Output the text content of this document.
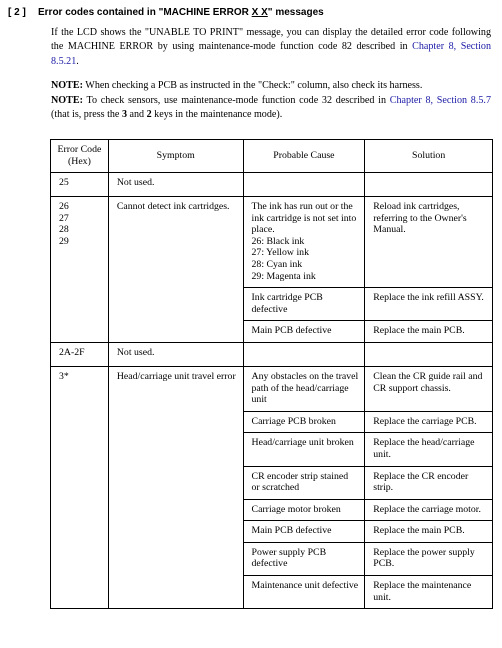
[ 2 ] Error codes contained in "MACHINE ERROR X X" messages

If the LCD shows the "UNABLE TO PRINT" message, you can display the detailed error code following the MACHINE ERROR by using maintenance-mode function code 82 described in Chapter 8, Section 8.5.21.

NOTE: When checking a PCB as instructed in the "Check:" column, also check its harness.

NOTE: To check sensors, use maintenance-mode function code 32 described in Chapter 8, Section 8.5.7 (that is, press the 3 and 2 keys in the maintenance mode).

Error Code (Hex)	Symptom	Probable Cause	Solution
25	Not used.		

26
27
28
29	Cannot detect ink cartridges.	The ink has run out or the ink cartridge is not set into place.
26: Black ink
27: Yellow ink
28: Cyan ink
29: Magenta ink	Reload ink cartridges, referring to the Owner's Manual.
		Ink cartridge PCB defective	Replace the ink refill ASSY.
		Main PCB defective	Replace the main PCB.
2A-2F	Not used.		
3*	Head/carriage unit travel error	Any obstacles on the travel path of the head/carriage unit	Clean the CR guide rail and CR support chassis.
		Carriage PCB broken	Replace the carriage PCB.
		Head/carriage unit broken	Replace the head/carriage unit.
		CR encoder strip stained or scratched	Replace the CR encoder strip.
		Carriage motor broken	Replace the carriage motor.
		Main PCB defective	Replace the main PCB.
		Power supply PCB defective	Replace the power supply PCB.
		Maintenance unit defective	Replace the maintenance unit.
